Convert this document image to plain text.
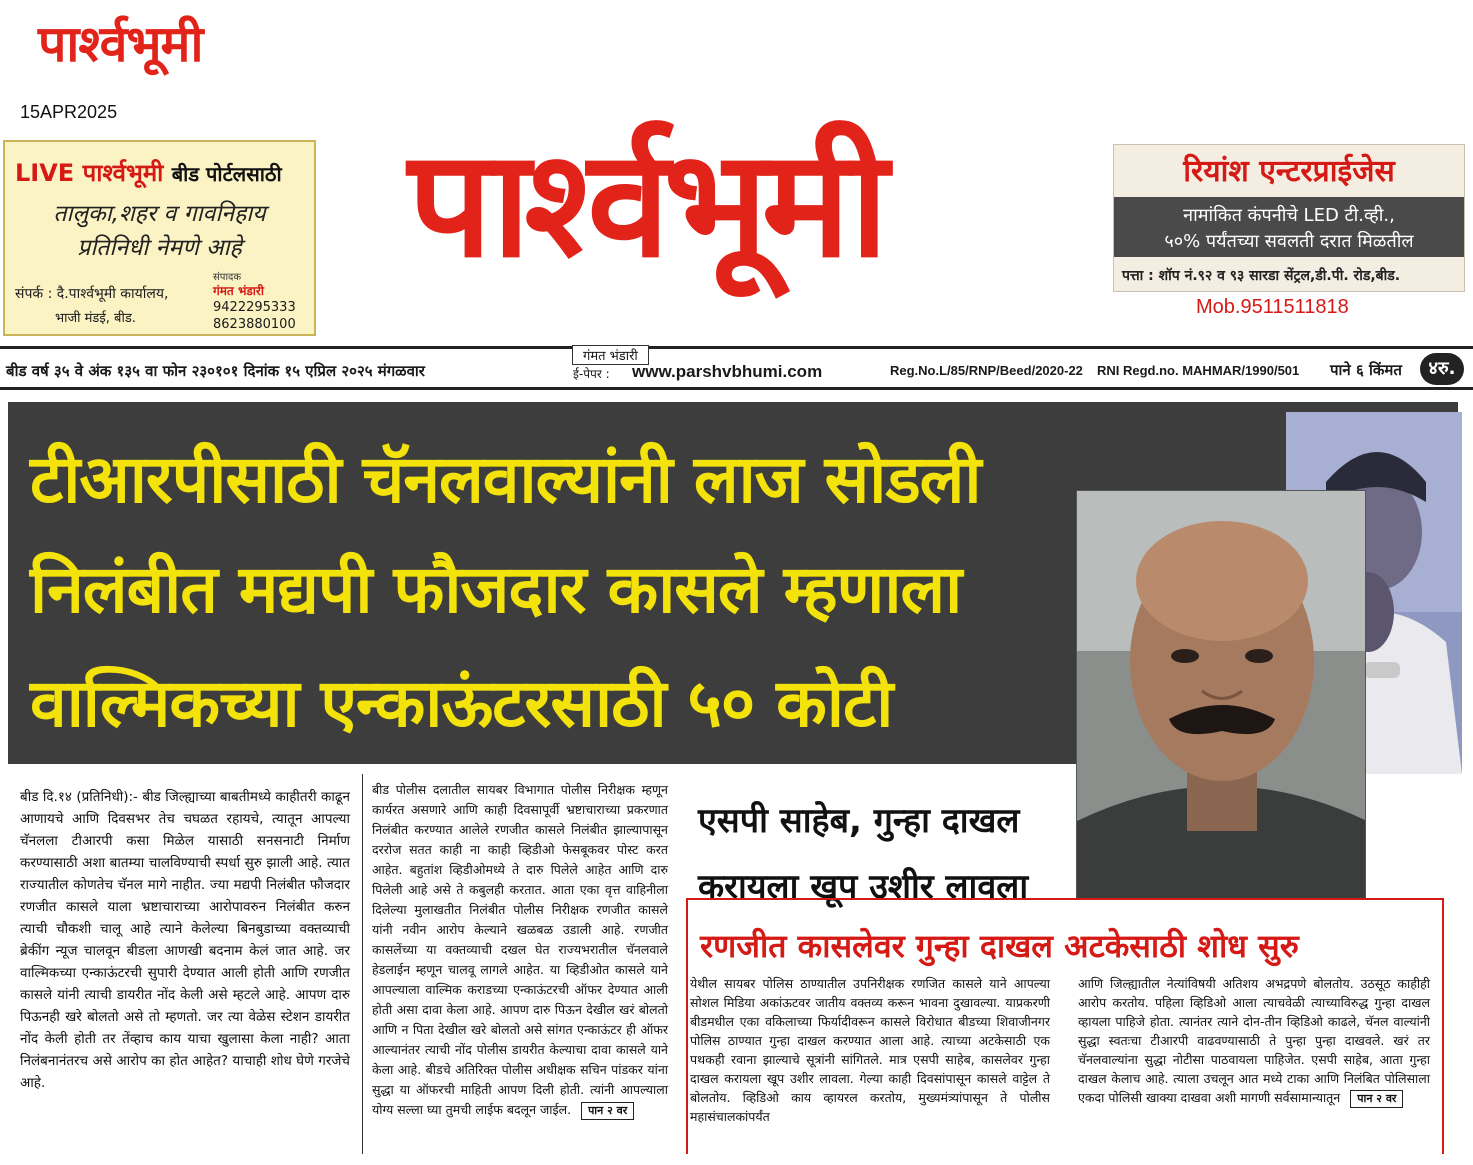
पार्श्वभूमी
15APR2025
LIVE पार्श्वभूमी बीड पोर्टलसाठी
तालुका,शहर व गावनिहाय
प्रतिनिधी नेमणे आहे
संपर्क : दै.पार्श्वभूमी कार्यालय,
भाजी मंडई, बीड.
संपादक
गंमत भंडारी
9422295333
8623880100
पार्श्वभूमी	रियांश एन्टरप्राईजेस
नामांकित कंपनीचे LED टी.व्ही.,
५०% पर्यंतच्या सवलती दरात मिळतील
पत्ता : शॉप नं.९२ व ९३ सारडा सेंट्रल,डी.पी. रोड,बीड.
Mob.9511511818
बीड वर्ष ३५ वे अंक १३५ वा फोन २३०१०१ दिनांक १५ एप्रिल २०२५ मंगळवार
गंमत भंडारी
ई-पेपर : www.parshvbhumi.com	Reg.No.L/85/RNP/Beed/2020-22 RNI Regd.no. MAHMAR/1990/501 पाने ६ किंमत	४रु.
टीआरपीसाठी चॅनलवाल्यांनी लाज सोडली
निलंबीत मद्यपी फौजदार कासले म्हणाला
वाल्मिकच्या एन्काऊंटरसाठी ५० कोटी
बीड दि.१४ (प्रतिनिधी):- बीड जिल्ह्याच्या बाबतीमध्ये काहीतरी काढून आणायचे आणि दिवसभर तेच चघळत रहायचे, त्यातून आपल्या चॅनलला टीआरपी कसा मिळेल यासाठी सनसनाटी निर्माण करण्यासाठी अशा बातम्या चालविण्याची स्पर्धा सुरु झाली आहे. त्यात राज्यातील कोणतेच चॅनल मागे नाहीत. ज्या मद्यपी निलंबीत फौजदार रणजीत कासले याला भ्रष्टाचाराच्या आरोपावरुन निलंबीत करुन त्याची चौकशी चालू आहे त्याने केलेल्या बिनबुडाच्या वक्तव्याची ब्रेकींग न्यूज चालवून बीडला आणखी बदनाम केलं जात आहे. जर वाल्मिकच्या एन्काऊंटरची सुपारी देण्यात आली होती आणि रणजीत कासले यांनी त्याची डायरीत नोंद केली असे म्हटले आहे. आपण दारु पिऊनही खरे बोलतो असे तो म्हणतो. जर त्या वेळेस स्टेशन डायरीत नोंद केली होती तर तेंव्हाच काय याचा खुलासा केला नाही? आता निलंबनानंतरच असे आरोप का होत आहेत? याचाही शोध घेणे गरजेचे आहे.
बीड पोलीस दलातील सायबर विभागात पोलीस निरीक्षक म्हणून कार्यरत असणारे आणि काही दिवसापूर्वी भ्रष्टाचाराच्या प्रकरणात निलंबीत करण्यात आलेले रणजीत कासले निलंबीत झाल्यापासून दररोज सतत काही ना काही व्हिडीओ फेसबूकवर पोस्ट करत आहेत. बहुतांश व्हिडीओमध्ये ते दारु पिलेले आहेत आणि दारु पिलेली आहे असे ते कबुलही करतात. आता एका वृत्त वाहिनीला दिलेल्या मुलाखतीत निलंबीत पोलीस निरीक्षक रणजीत कासले यांनी नवीन आरोप केल्याने खळबळ उडाली आहे. रणजीत कासलेंच्या या वक्तव्याची दखल घेत राज्यभरातील चॅनलवाले हेडलाईन म्हणून चालवू लागले आहेत. या व्हिडीओत कासले याने आपल्याला वाल्मिक कराडच्या एन्काऊंटरची ऑफर देण्यात आली होती असा दावा केला आहे. आपण दारु पिऊन देखील खरं बोलतो आणि न पिता देखील खरे बोलतो असे सांगत एन्काऊंटर ही ऑफर आल्यानंतर त्याची नोंद पोलीस डायरीत केल्याचा दावा कासले याने केला आहे. बीडचे अतिरिक्त पोलीस अधीक्षक सचिन पांडकर यांना सुद्धा या ऑफरची माहिती आपण दिली होती. त्यांनी आपल्याला योग्य सल्ला घ्या तुमची लाईफ बदलून जाईल. पान २ वर
एसपी साहेब, गुन्हा दाखल
करायला खूप उशीर लावला
रणजीत कासलेवर गुन्हा दाखल अटकेसाठी शोध सुरु
येथील सायबर पोलिस ठाण्यातील उपनिरीक्षक रणजित कासले याने आपल्या सोशल मिडिया अकांऊटवर जातीय वक्तव्य करून भावना दुखावल्या. याप्रकरणी बीडमधील एका वकिलाच्या फिर्यादीवरून कासले विरोधात बीडच्या शिवाजीनगर पोलिस ठाण्यात गुन्हा दाखल करण्यात आला आहे. त्याच्या अटकेसाठी एक पथकही रवाना झाल्याचे सूत्रांनी सांगितले. मात्र एसपी साहेब, कासलेवर गुन्हा दाखल करायला खूप उशीर लावला. गेल्या काही दिवसांपासून कासले वाट्टेल ते बोलतोय. व्हिडिओ काय व्हायरल करतोय, मुख्यमंत्र्यांपासून ते पोलीस महासंचालकांपर्यंत
आणि जिल्ह्यातील नेत्यांविषयी अतिशय अभद्रपणे बोलतोय. उठसूठ काहीही आरोप करतोय. पहिला व्हिडिओ आला त्याचवेळी त्याच्याविरुद्ध गुन्हा दाखल व्हायला पाहिजे होता. त्यानंतर त्याने दोन-तीन व्हिडिओ काढले, चॅनल वाल्यांनी सुद्धा स्वतःचा टीआरपी वाढवण्यासाठी ते पुन्हा पुन्हा दाखवले. खरं तर चॅनलवाल्यांना सुद्धा नोटीसा पाठवायला पाहिजेत. एसपी साहेब, आता गुन्हा दाखल केलाच आहे. त्याला उचलून आत मध्ये टाका आणि निलंबित पोलिसाला एकदा पोलिसी खाक्या दाखवा अशी मागणी सर्वसामान्यातून पान २ वर
